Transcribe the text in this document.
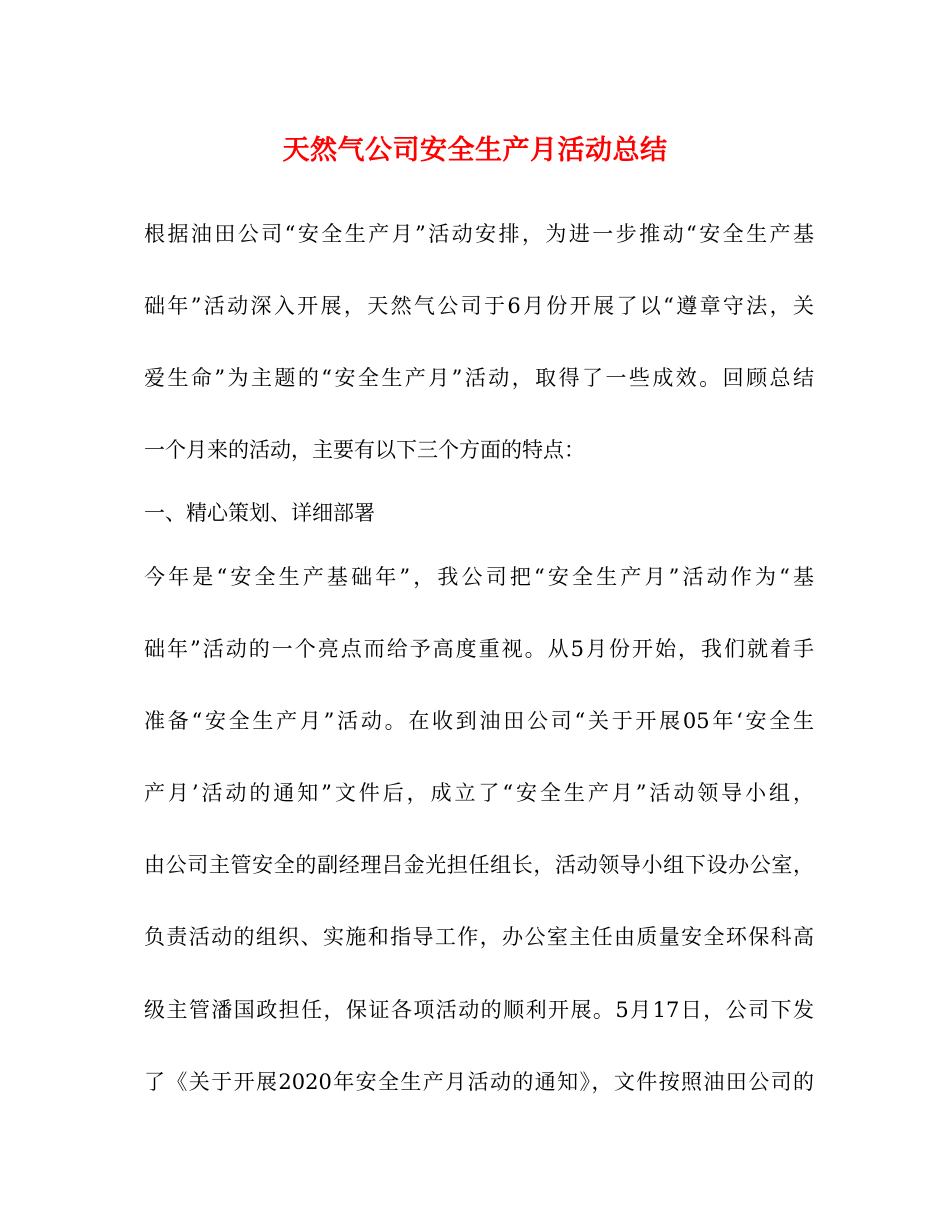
天然气公司安全生产月活动总结
根据油田公司“安全生产月”活动安排，为进一步推动“安全生产基
础年”活动深入开展，天然气公司于6月份开展了以“遵章守法，关
爱生命”为主题的“安全生产月”活动，取得了一些成效。回顾总结
一个月来的活动，主要有以下三个方面的特点：
一、精心策划、详细部署
今年是“安全生产基础年”，我公司把“安全生产月”活动作为“基
础年”活动的一个亮点而给予高度重视。从5月份开始，我们就着手
准备“安全生产月”活动。在收到油田公司“关于开展05年‘安全生
产月’活动的通知”文件后，成立了“安全生产月”活动领导小组，
由公司主管安全的副经理吕金光担任组长，活动领导小组下设办公室，
负责活动的组织、实施和指导工作，办公室主任由质量安全环保科高
级主管潘国政担任，保证各项活动的顺利开展。5月17日，公司下发
了《关于开展2020年安全生产月活动的通知》，文件按照油田公司的
